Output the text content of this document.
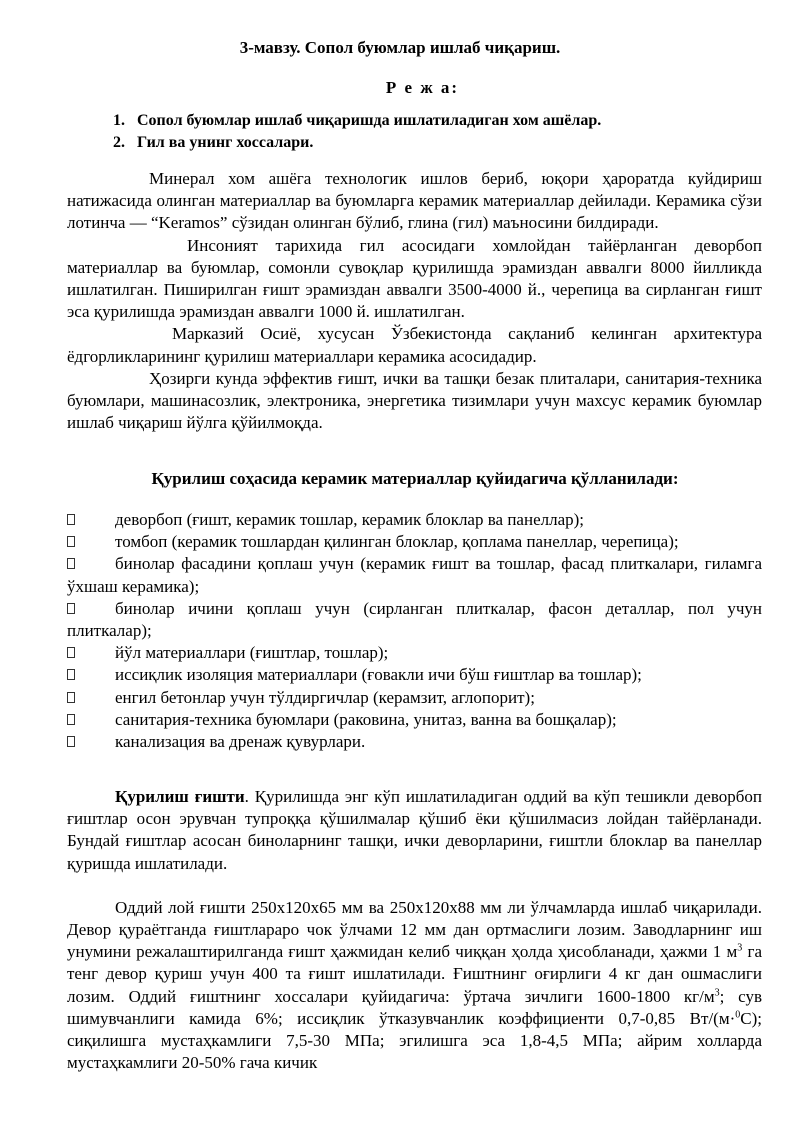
3-мавзу. Сопол буюмлар ишлаб чиқариш.
Р е ж а:
1. Сопол буюмлар ишлаб чиқаришда ишлатиладиган хом ашёлар.
2. Гил ва унинг хоссалари.

Минерал хом ашёга технологик ишлов бериб, юқори ҳароратда куйдириш натижасида олинган материаллар ва буюмларга керамик материаллар дейилади. Керамика сўзи лотинча — “Keramos” сўзидан олинган бўлиб, глина (гил) маъносини билдиради.

Инсоният тарихида гил асосидаги хомлойдан тайёрланган деворбоп материаллар ва буюмлар, сомонли сувоқлар қурилишда эрамиздан аввалги 8000 йилликда ишлатилган. Пиширилган ғишт эрамиздан аввалги 3500-4000 й., черепица ва сирланган ғишт эса қурилишда эрамиздан аввалги 1000 й. ишлатилган.

Марказий Осиё, хусусан Ўзбекистонда сақланиб келинган архитектура ёдгорликларининг қурилиш материаллари керамика асосидадир.

Ҳозирги кунда эффектив ғишт, ички ва ташқи безак плиталари, санитария-техника буюмлари, машинасозлик, электроника, энергетика тизимлари учун махсус керамик буюмлар ишлаб чиқариш йўлга қўйилмоқда.

Қурилиш соҳасида керамик материаллар қуйидагича қўлланилади:
деворбоп (ғишт, керамик тошлар, керамик блоклар ва панеллар);
томбоп (керамик тошлардан қилинган блоклар, қоплама панеллар, черепица);
бинолар фасадини қоплаш учун (керамик ғишт ва тошлар, фасад плиткалари, гиламга ўхшаш керамика);
бинолар ичини қоплаш учун (сирланган плиткалар, фасон деталлар, пол учун плиткалар);
йўл материаллари (ғиштлар, тошлар);
иссиқлик изоляция материаллари (ғовакли ичи бўш ғиштлар ва тошлар);
енгил бетонлар учун тўлдиргичлар (керамзит, аглопорит);
санитария-техника буюмлари (раковина, унитаз, ванна ва бошқалар);
канализация ва дренаж қувурлари.

Қурилиш ғишти. Қурилишда энг кўп ишлатиладиган оддий ва кўп тешикли деворбоп ғиштлар осон эрувчан тупроққа қўшилмалар қўшиб ёки қўшилмасиз лойдан тайёрланади. Бундай ғиштлар асосан биноларнинг ташқи, ички деворларини, ғиштли блоклар ва панеллар қуришда ишлатилади.

Оддий лой ғишти 250х120х65 мм ва 250х120х88 мм ли ўлчамларда ишлаб чиқарилади. Девор қураётганда ғиштлараро чок ўлчами 12 мм дан ортмаслиги лозим. Заводларнинг иш унумини режалаштирилганда ғишт ҳажмидан келиб чиққан ҳолда ҳисобланади, ҳажми 1 $м^3$ га тенг девор қуриш учун 400 та ғишт ишлатилади. Ғиштнинг оғирлиги 4 кг дан ошмаслиги лозим. Оддий ғиштнинг хоссалари қуйидагича: ўртача зичлиги 1600-1800 $кг/м^3$; сув шимувчанлиги камида 6%; иссиқлик ўтказувчанлик коэффициенти 0,7-0,85 Вт/(м·$^0$С); сиқилишга мустаҳкамлиги 7,5-30 МПа; эгилишга эса 1,8-4,5 МПа; айрим холларда мустаҳкамлиги 20-50% гача кичик
